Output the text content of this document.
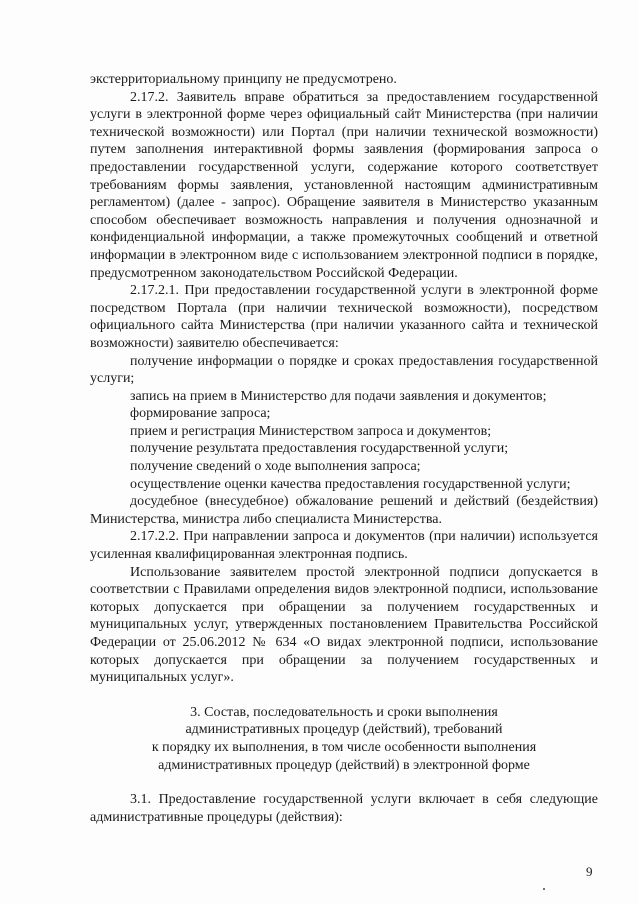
экстерриториальному принципу не предусмотрено.

2.17.2. Заявитель вправе обратиться за предоставлением государственной услуги в электронной форме через официальный сайт Министерства (при наличии технической возможности) или Портал (при наличии технической возможности) путем заполнения интерактивной формы заявления (формирования запроса о предоставлении государственной услуги, содержание которого соответствует требованиям формы заявления, установленной настоящим административным регламентом) (далее - запрос). Обращение заявителя в Министерство указанным способом обеспечивает возможность направления и получения однозначной и конфиденциальной информации, а также промежуточных сообщений и ответной информации в электронном виде с использованием электронной подписи в порядке, предусмотренном законодательством Российской Федерации.

2.17.2.1. При предоставлении государственной услуги в электронной форме посредством Портала (при наличии технической возможности), посредством официального сайта Министерства (при наличии указанного сайта и технической возможности) заявителю обеспечивается:

получение информации о порядке и сроках предоставления государственной услуги;

запись на прием в Министерство для подачи заявления и документов;

формирование запроса;

прием и регистрация Министерством запроса и документов;

получение результата предоставления государственной услуги;

получение сведений о ходе выполнения запроса;

осуществление оценки качества предоставления государственной услуги;

досудебное (внесудебное) обжалование решений и действий (бездействия) Министерства, министра либо специалиста Министерства.

2.17.2.2. При направлении запроса и документов (при наличии) используется усиленная квалифицированная электронная подпись.

Использование заявителем простой электронной подписи допускается в соответствии с Правилами определения видов электронной подписи, использование которых допускается при обращении за получением государственных и муниципальных услуг, утвержденных постановлением Правительства Российской Федерации от 25.06.2012 № 634 «О видах электронной подписи, использование которых допускается при обращении за получением государственных и муниципальных услуг».

3. Состав, последовательность и сроки выполнения

административных процедур (действий), требований

к порядку их выполнения, в том числе особенности выполнения

административных процедур (действий) в электронной форме

3.1. Предоставление государственной услуги включает в себя следующие административные процедуры (действия):

9
